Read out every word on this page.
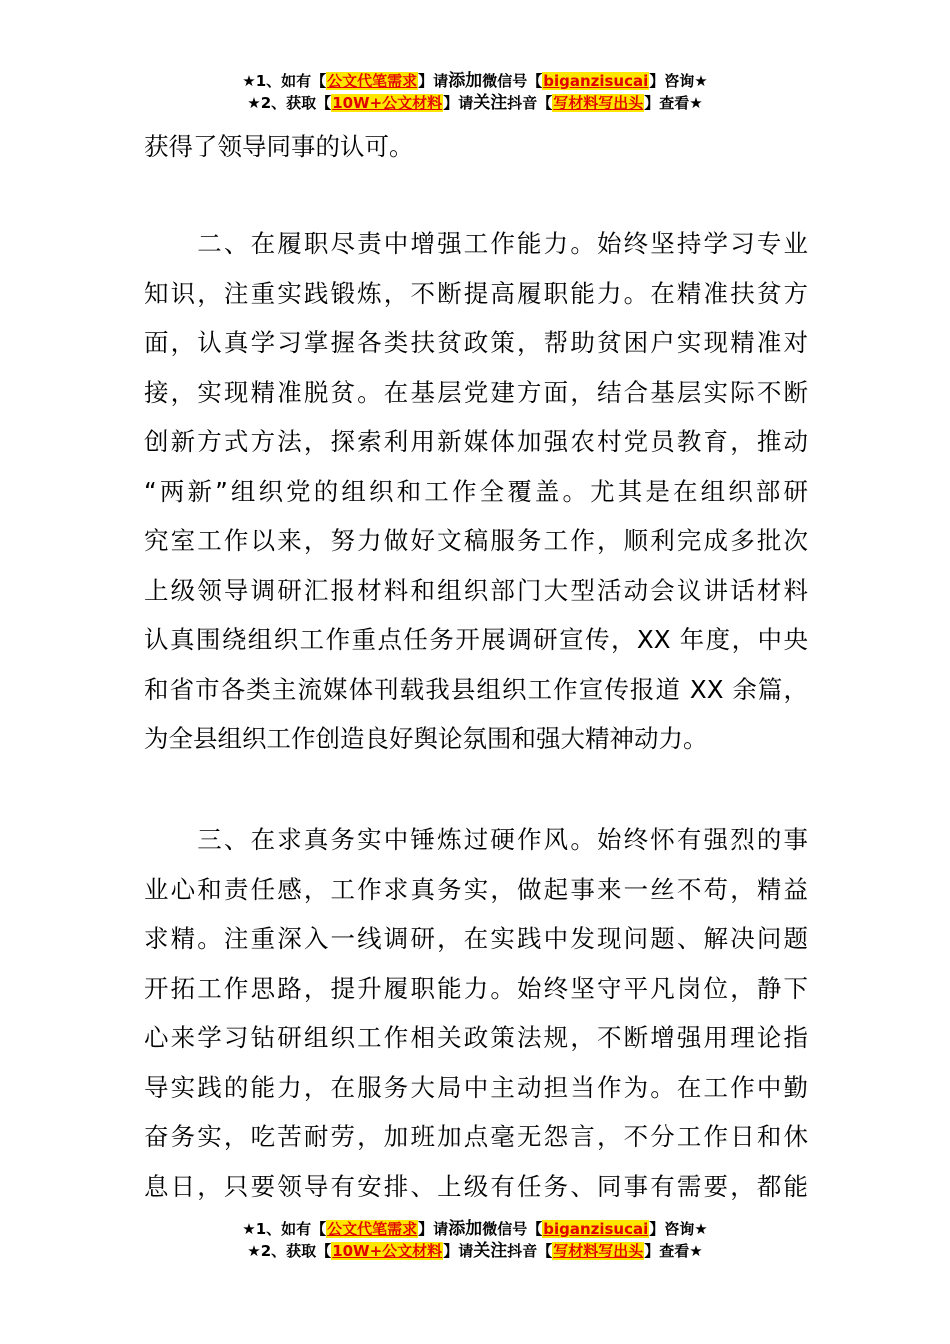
★1、如有【公文代笔需求】请添加微信号【biganzisucai】咨询★
★2、获取【10W+公文材料】请关注抖音【写材料写出头】查看★
获得了领导同事的认可。
　　二、在履职尽责中增强工作能力。始终坚持学习专业
知识，注重实践锻炼，不断提高履职能力。在精准扶贫方
面，认真学习掌握各类扶贫政策，帮助贫困户实现精准对
接，实现精准脱贫。在基层党建方面，结合基层实际不断
创新方式方法，探索利用新媒体加强农村党员教育，推动
“两新”组织党的组织和工作全覆盖。尤其是在组织部研
究室工作以来，努力做好文稿服务工作，顺利完成多批次
上级领导调研汇报材料和组织部门大型活动会议讲话材料
认真围绕组织工作重点任务开展调研宣传，XX 年度，中央
和省市各类主流媒体刊载我县组织工作宣传报道 XX 余篇，
为全县组织工作创造良好舆论氛围和强大精神动力。
　　三、在求真务实中锤炼过硬作风。始终怀有强烈的事
业心和责任感，工作求真务实，做起事来一丝不苟，精益
求精。注重深入一线调研，在实践中发现问题、解决问题
开拓工作思路，提升履职能力。始终坚守平凡岗位，静下
心来学习钻研组织工作相关政策法规，不断增强用理论指
导实践的能力，在服务大局中主动担当作为。在工作中勤
奋务实，吃苦耐劳，加班加点毫无怨言，不分工作日和休
息日，只要领导有安排、上级有任务、同事有需要，都能
★1、如有【公文代笔需求】请添加微信号【biganzisucai】咨询★
★2、获取【10W+公文材料】请关注抖音【写材料写出头】查看★
